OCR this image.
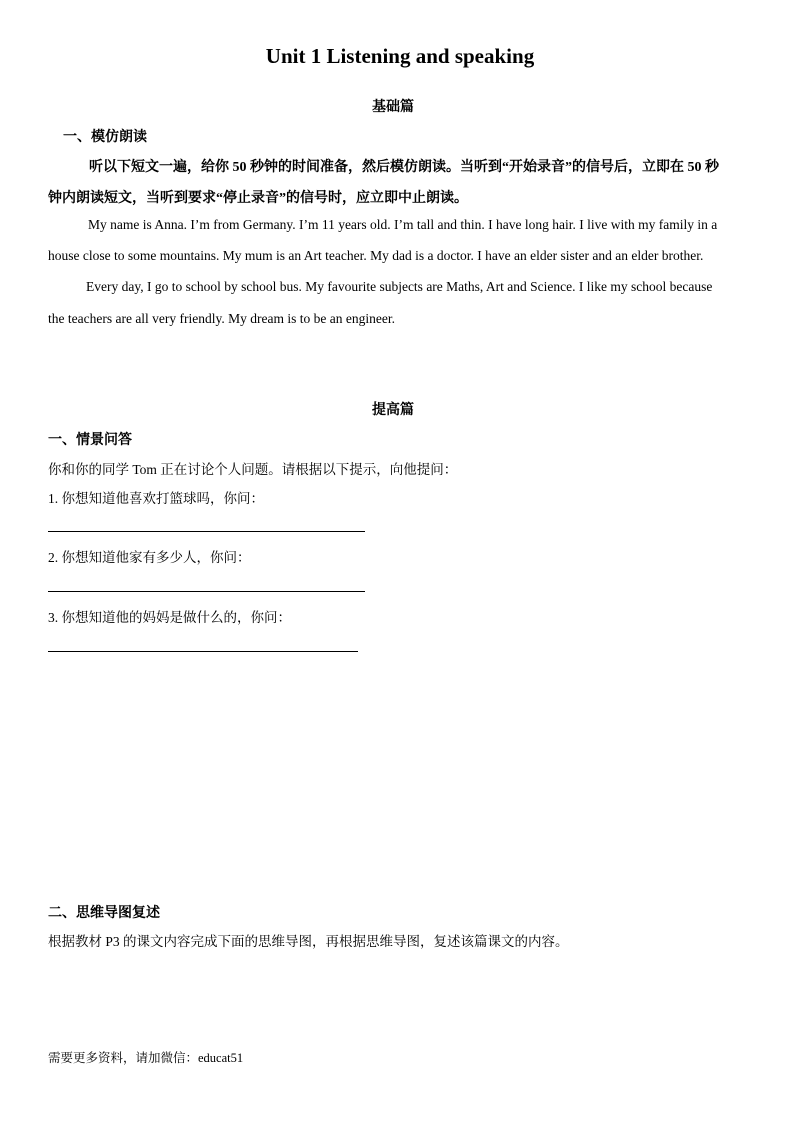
Unit 1 Listening and speaking
基础篇
一、模仿朗读
听以下短文一遍，给你 50 秒钟的时间准备，然后模仿朗读。当听到“开始录音”的信号后，立即在 50 秒
钟内朗读短文，当听到要求“停止录音”的信号时，应立即中止朗读。
My name is Anna. I’m from Germany. I’m 11 years old. I’m tall and thin. I have long hair. I live with my family in a
house close to some mountains. My mum is an Art teacher. My dad is a doctor. I have an elder sister and an elder brother.
Every day, I go to school by school bus. My favourite subjects are Maths, Art and Science. I like my school because
the teachers are all very friendly. My dream is to be an engineer.
提高篇
一、情景问答
你和你的同学 Tom 正在讨论个人问题。请根据以下提示，向他提问：
1. 你想知道他喜欢打篮球吗，你问：
2. 你想知道他家有多少人，你问：
3. 你想知道他的妈妈是做什么的，你问：
二、思维导图复述
根据教材 P3 的课文内容完成下面的思维导图，再根据思维导图，复述该篇课文的内容。
需要更多资料，请加微信：educat51
